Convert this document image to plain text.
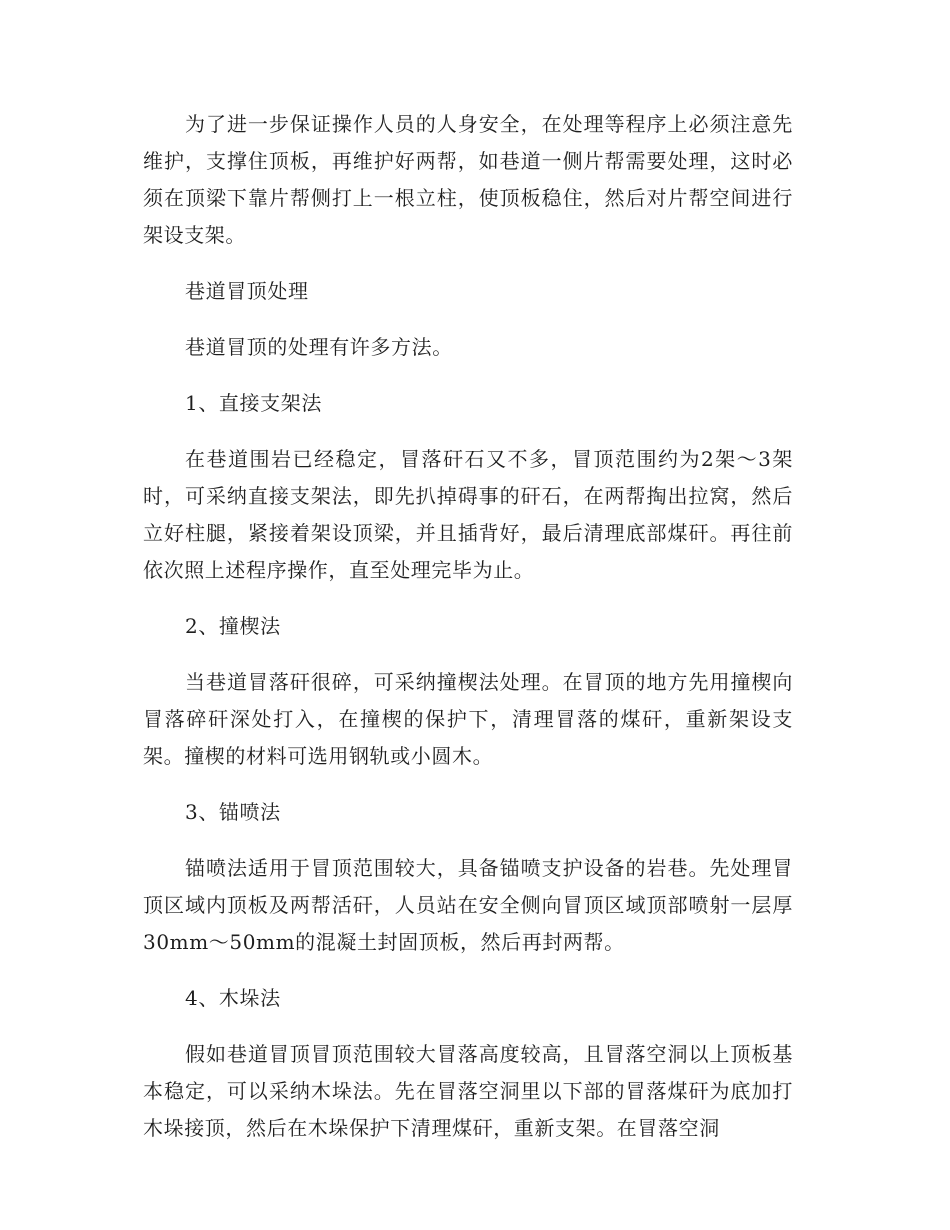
为了进一步保证操作人员的人身安全，在处理等程序上必须注意先维护，支撑住顶板，再维护好两帮，如巷道一侧片帮需要处理，这时必须在顶梁下靠片帮侧打上一根立柱，使顶板稳住，然后对片帮空间进行架设支架。

巷道冒顶处理

巷道冒顶的处理有许多方法。

1、直接支架法

在巷道围岩已经稳定，冒落矸石又不多，冒顶范围约为2架～3架时，可采纳直接支架法，即先扒掉碍事的矸石，在两帮掏出拉窝，然后立好柱腿，紧接着架设顶梁，并且插背好，最后清理底部煤矸。再往前依次照上述程序操作，直至处理完毕为止。

2、撞楔法

当巷道冒落矸很碎，可采纳撞楔法处理。在冒顶的地方先用撞楔向冒落碎矸深处打入，在撞楔的保护下，清理冒落的煤矸，重新架设支架。撞楔的材料可选用钢轨或小圆木。

3、锚喷法

锚喷法适用于冒顶范围较大，具备锚喷支护设备的岩巷。先处理冒顶区域内顶板及两帮活矸，人员站在安全侧向冒顶区域顶部喷射一层厚30mm～50mm的混凝土封固顶板，然后再封两帮。

4、木垛法

假如巷道冒顶冒顶范围较大冒落高度较高，且冒落空洞以上顶板基本稳定，可以采纳木垛法。先在冒落空洞里以下部的冒落煤矸为底加打木垛接顶，然后在木垛保护下清理煤矸，重新支架。在冒落空洞
